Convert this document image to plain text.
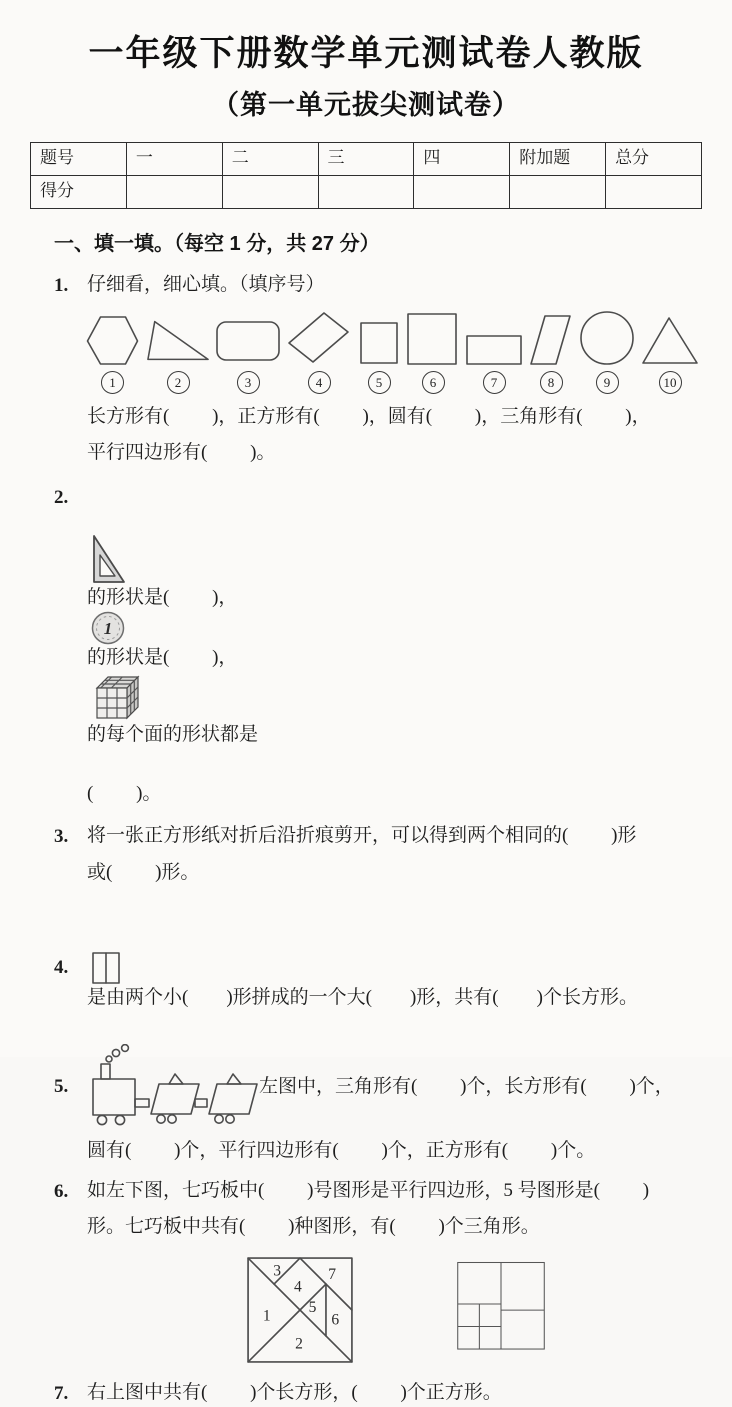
一年级下册数学单元测试卷人教版
（第一单元拔尖测试卷）
题号	一	二	三	四	附加题	总分
得分						
一、填一填。（每空 1 分，共 27 分）
1. 仔细看，细心填。（填序号）
1	2	3	4	5	6	7	8	9	10
长方形有(         )，正方形有(         )，圆有(         )，三角形有(         )，
平行四边形有(         )。
2.

的形状是(         )，
1
的形状是(         )，
的每个面的形状都是

(         )。
3. 将一张正方形纸对折后沿折痕剪开，可以得到两个相同的(         )形
或(         )形。
4.

是由两个小(        )形拼成的一个大(        )形，共有(        )个长方形。

5.	左图中，三角形有(         )个，长方形有(         )个，
圆有(         )个，平行四边形有(         )个，正方形有(         )个。
6. 如左下图，七巧板中(         )号图形是平行四边形，5 号图形是(         )
形。七巧板中共有(         )种图形，有(         )个三角形。
1
2
3
4
5
6
7
7. 右上图中共有(         )个长方形，(         )个正方形。
